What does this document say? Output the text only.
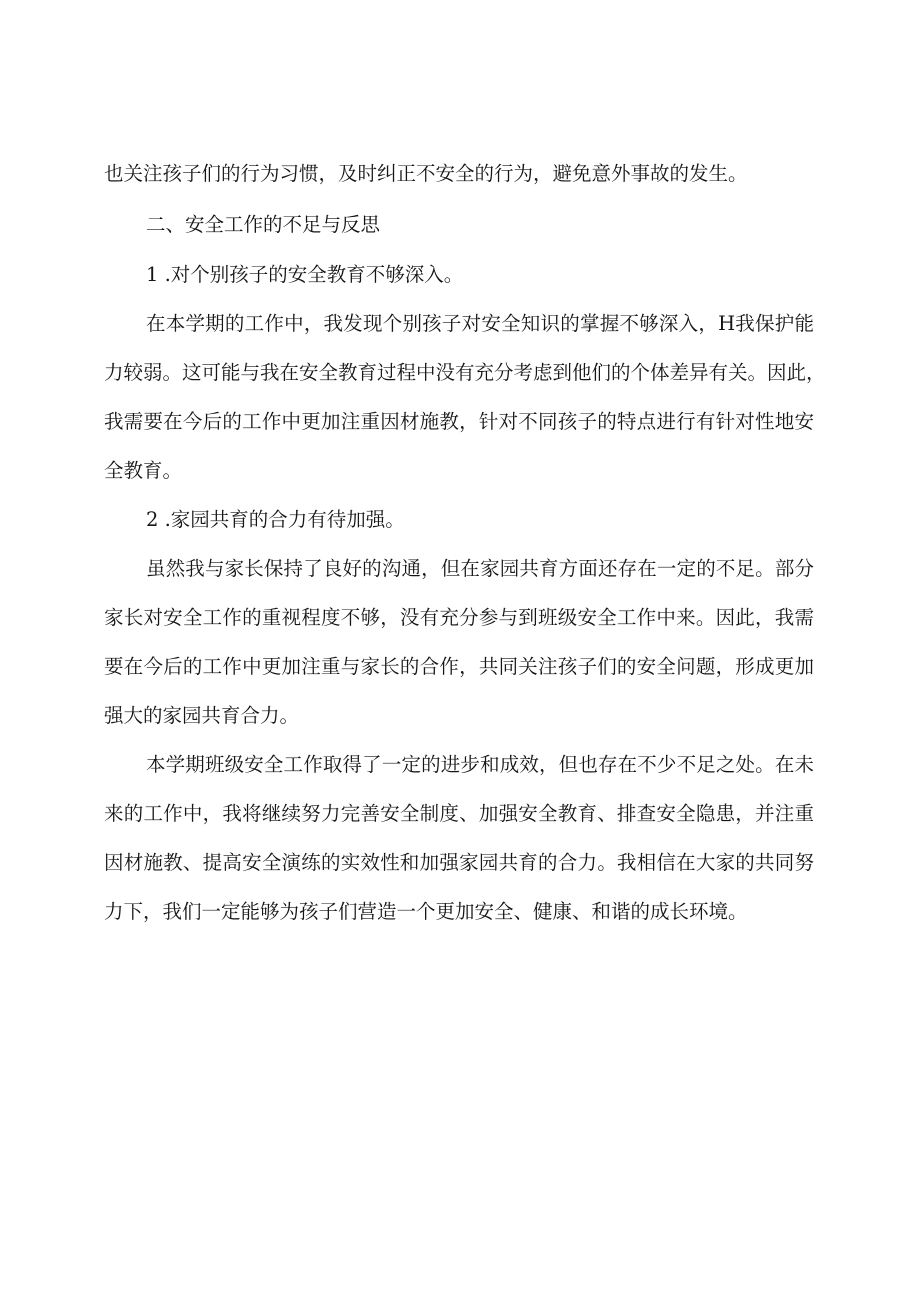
也关注孩子们的行为习惯，及时纠正不安全的行为，避免意外事故的发生。

二、安全工作的不足与反思

1 .对个别孩子的安全教育不够深入。

在本学期的工作中，我发现个别孩子对安全知识的掌握不够深入，H我保护能

力较弱。这可能与我在安全教育过程中没有充分考虑到他们的个体差异有关。因此，

我需要在今后的工作中更加注重因材施教，针对不同孩子的特点进行有针对性地安

全教育。

2 .家园共育的合力有待加强。

虽然我与家长保持了良好的沟通，但在家园共育方面还存在一定的不足。部分

家长对安全工作的重视程度不够，没有充分参与到班级安全工作中来。因此，我需

要在今后的工作中更加注重与家长的合作，共同关注孩子们的安全问题，形成更加

强大的家园共育合力。

本学期班级安全工作取得了一定的进步和成效，但也存在不少不足之处。在未

来的工作中，我将继续努力完善安全制度、加强安全教育、排查安全隐患，并注重

因材施教、提高安全演练的实效性和加强家园共育的合力。我相信在大家的共同努

力下，我们一定能够为孩子们营造一个更加安全、健康、和谐的成长环境。
